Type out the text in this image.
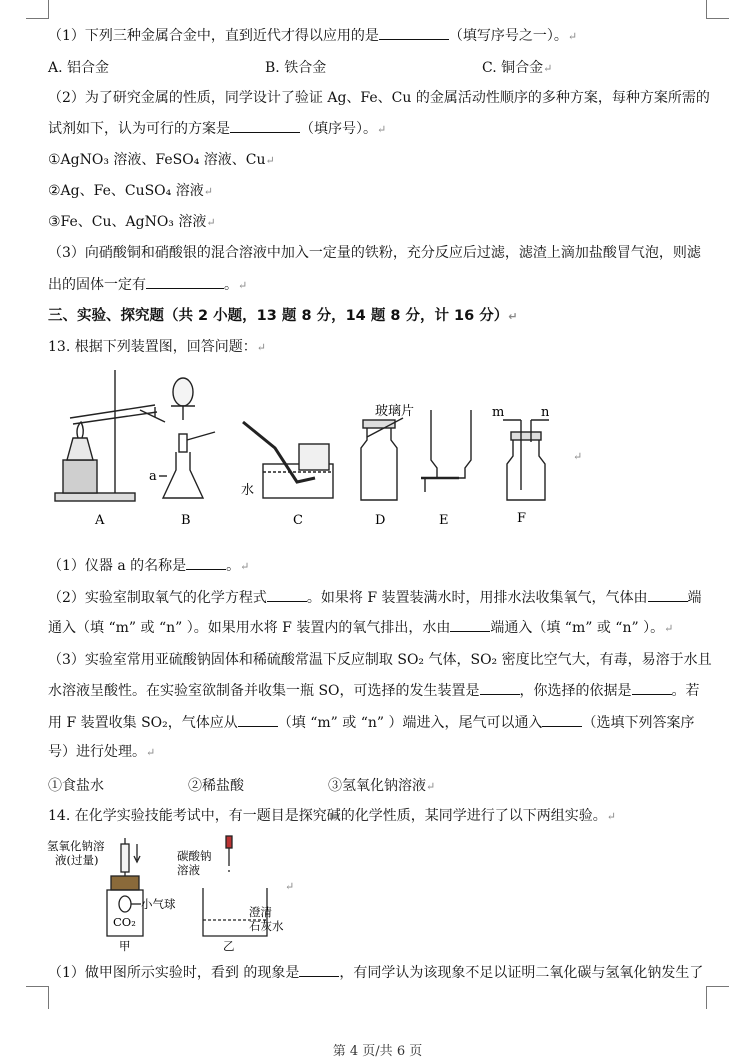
（1）下列三种金属合金中，直到近代才得以应用的是	（填写序号之一）。↵
A. 铝合金	B. 铁合金	C. 铜合金↵
（2）为了研究金属的性质，同学设计了验证 Ag、Fe、Cu 的金属活动性顺序的多种方案，每种方案所需的
试剂如下，认为可行的方案是	（填序号）。↵
①AgNO₃ 溶液、FeSO₄ 溶液、Cu↵
②Ag、Fe、CuSO₄ 溶液↵
③Fe、Cu、AgNO₃ 溶液↵
（3）向硝酸铜和硝酸银的混合溶液中加入一定量的铁粉，充分反应后过滤，滤渣上滴加盐酸冒气泡，则滤
出的固体一定有	。↵
三、实验、探究题（共 2 小题，13 题 8 分，14 题 8 分，计 16 分）↵
13. 根据下列装置图，回答问题：↵
a
水
玻璃片	m	n
A	B	C	D	E	F
↵
（1）仪器 a 的名称是	。↵
（2）实验室制取氧气的化学方程式	。如果将 F 装置装满水时，用排水法收集氧气，气体由	端
通入（填 “m” 或 “n” ）。如果用水将 F 装置内的氧气排出，水由	端通入（填 “m” 或 “n” ）。↵
（3）实验室常用亚硫酸钠固体和稀硫酸常温下反应制取 SO₂ 气体，SO₂ 密度比空气大，有毒，易溶于水且
水溶液呈酸性。在实验室欲制备并收集一瓶 SO，可选择的发生装置是	，你选择的依据是	。若
用 F 装置收集 SO₂，气体应从	（填 “m” 或 “n” ）端进入，尾气可以通入	（选填下列答案序
号）进行处理。↵
①食盐水	②稀盐酸	③氢氧化钠溶液↵
14. 在化学实验技能考试中，有一题目是探究碱的化学性质，某同学进行了以下两组实验。↵
氢氧化钠溶
液(过量)
小气球
CO₂
甲
碳酸钠
溶液
澄清
石灰水
乙
↵
（1）做甲图所示实验时，看到 的现象是	，有同学认为该现象不足以证明二氧化碳与氢氧化钠发生了
第 4 页/共 6 页
